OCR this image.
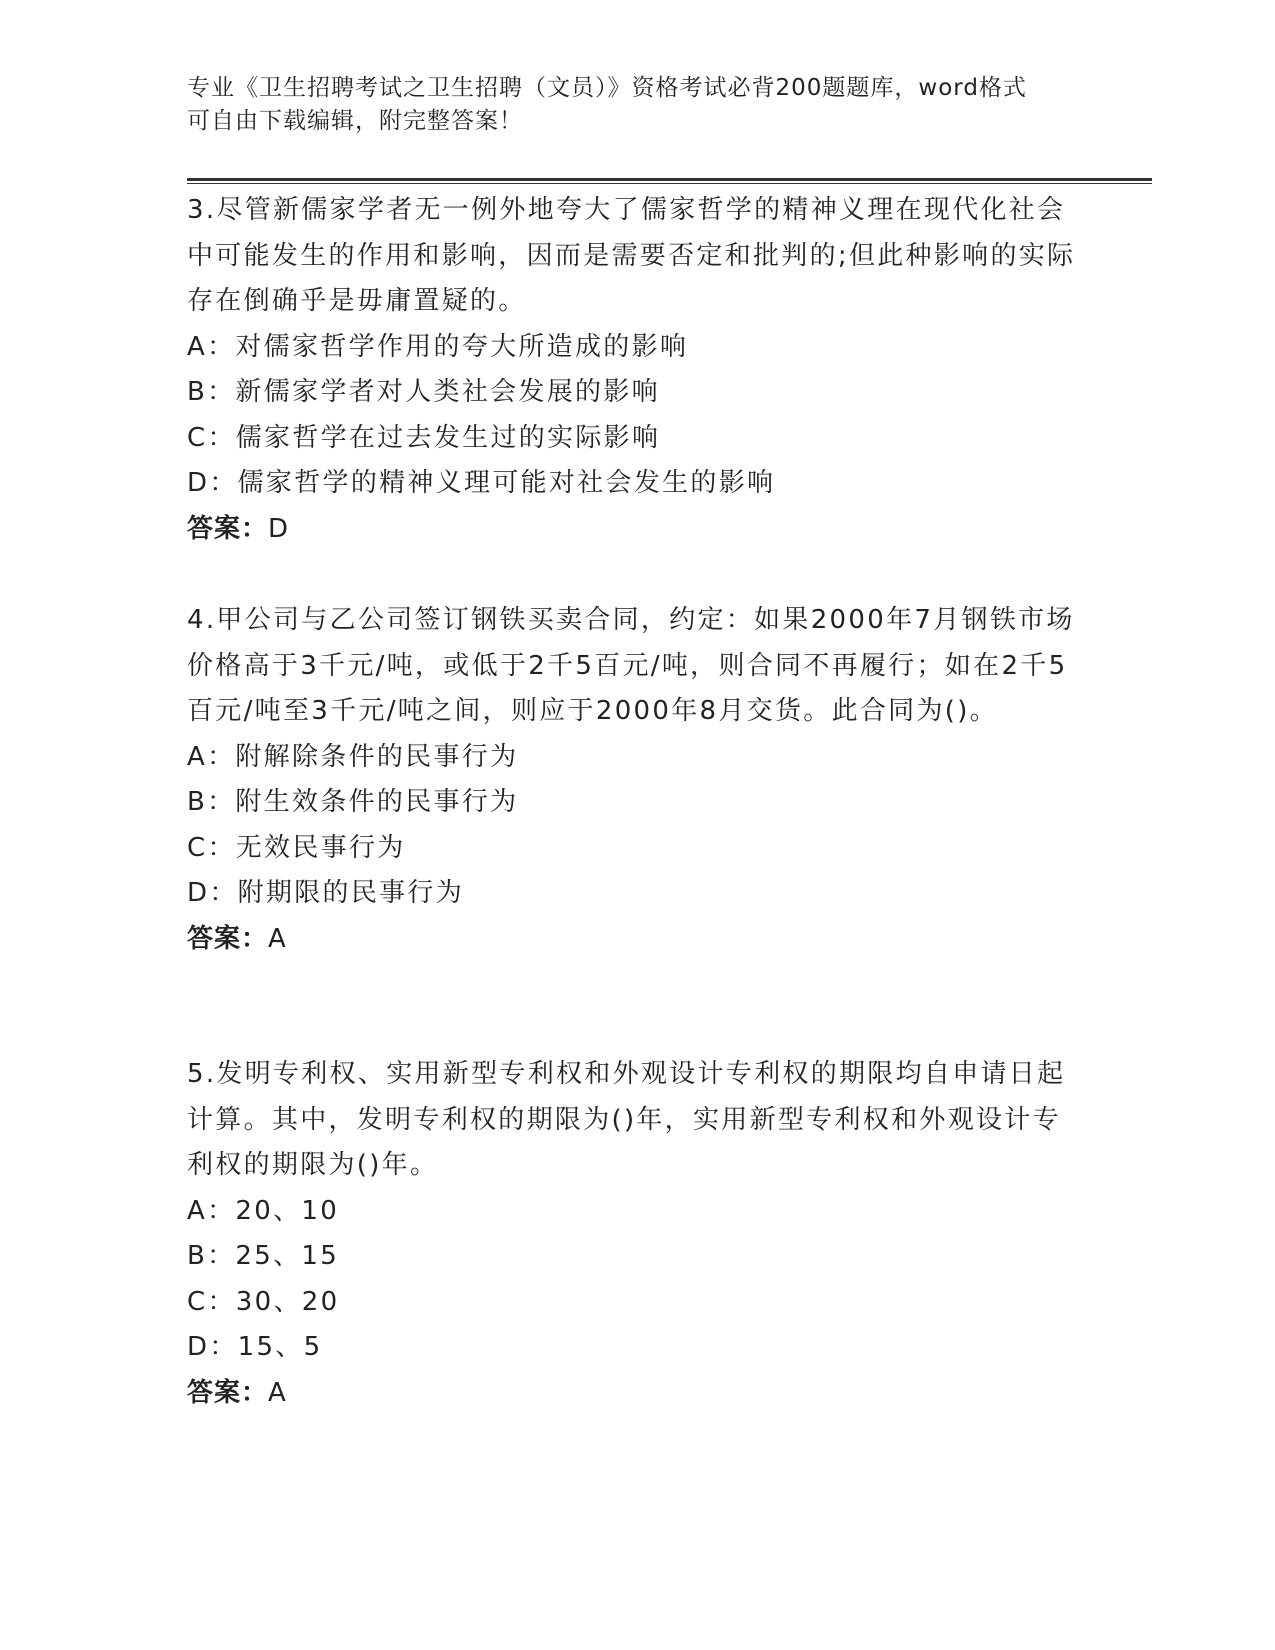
专业《卫生招聘考试之卫生招聘（文员）》资格考试必背200题题库，word格式
可自由下载编辑，附完整答案！
3.尽管新儒家学者无一例外地夸大了儒家哲学的精神义理在现代化社会中可能发生的作用和影响，因而是需要否定和批判的;但此种影响的实际存在倒确乎是毋庸置疑的。
A：对儒家哲学作用的夸大所造成的影响
B：新儒家学者对人类社会发展的影响
C：儒家哲学在过去发生过的实际影响
D：儒家哲学的精神义理可能对社会发生的影响
答案：D
4.甲公司与乙公司签订钢铁买卖合同，约定：如果2000年7月钢铁市场价格高于3千元/吨，或低于2千5百元/吨，则合同不再履行；如在2千5百元/吨至3千元/吨之间，则应于2000年8月交货。此合同为()。
A：附解除条件的民事行为
B：附生效条件的民事行为
C：无效民事行为
D：附期限的民事行为
答案：A
5.发明专利权、实用新型专利权和外观设计专利权的期限均自申请日起计算。其中，发明专利权的期限为()年，实用新型专利权和外观设计专利权的期限为()年。
A：20、10
B：25、15
C：30、20
D：15、5
答案：A
